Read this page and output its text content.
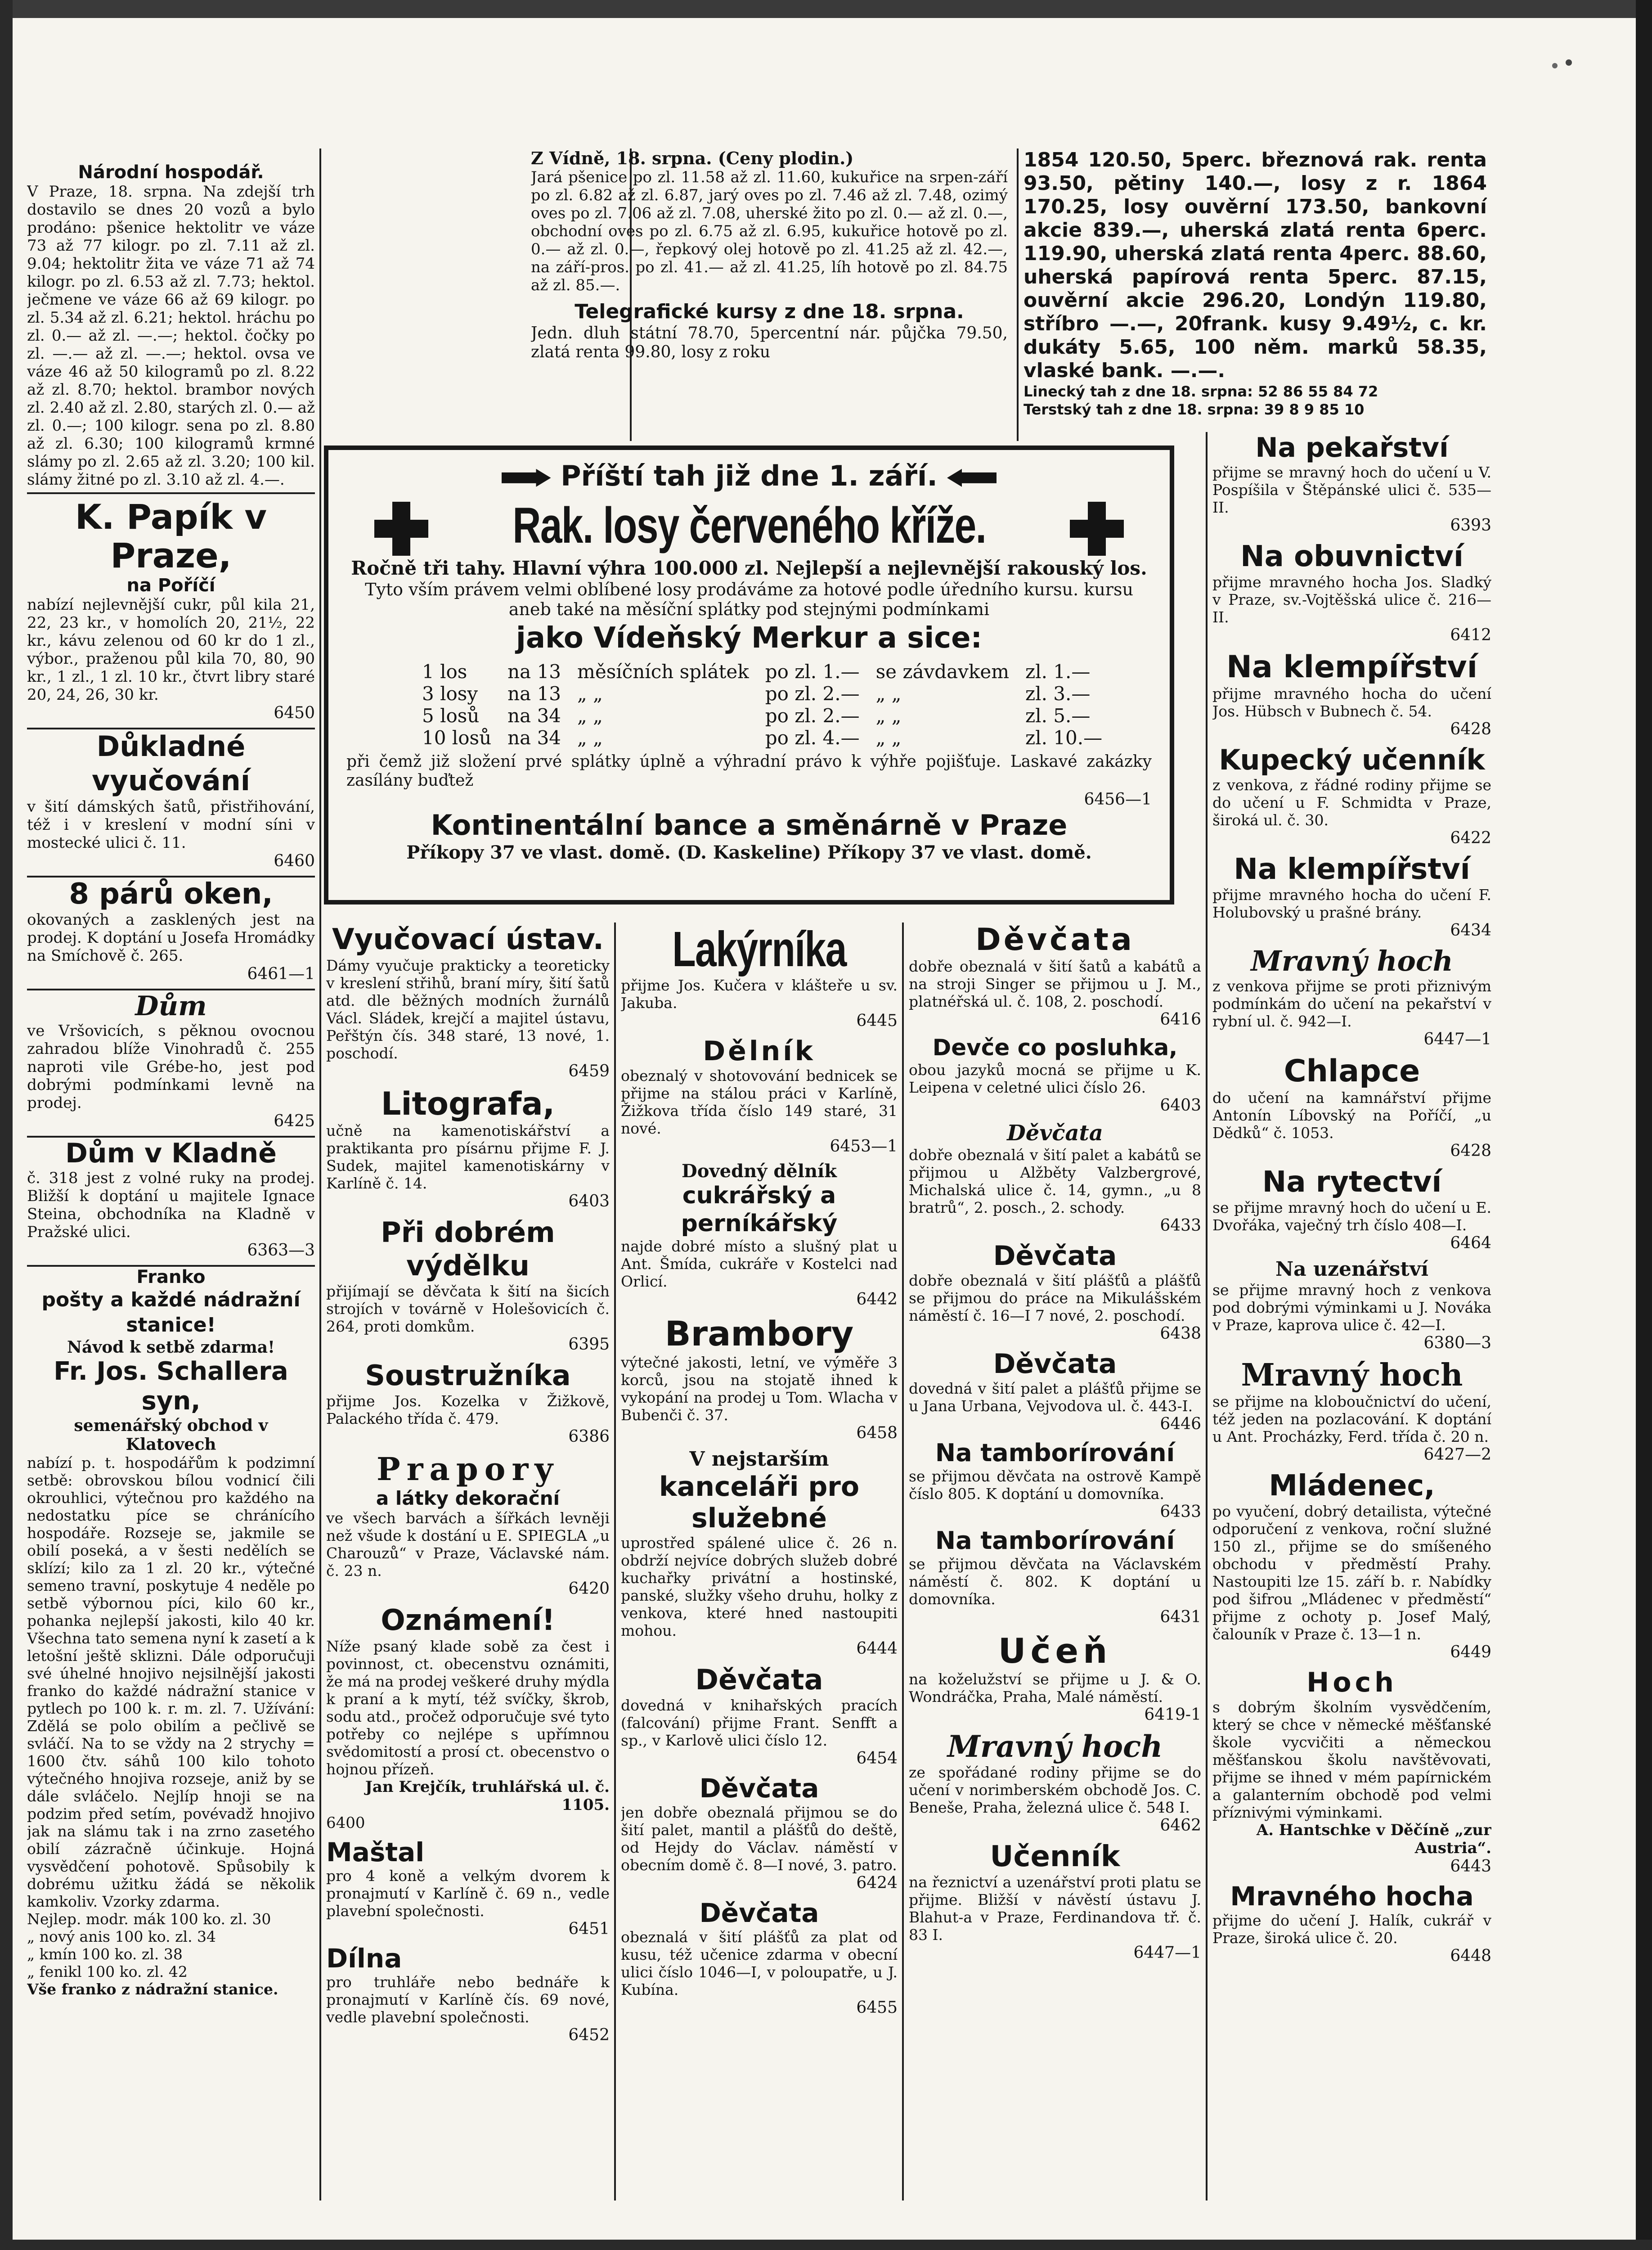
Národní hospodář.

V Praze, 18. srpna. Na zdejší trh dostavilo se dnes 20 vozů a bylo prodáno: pšenice hektolitr ve váze 73 až 77 kilogr. po zl. 7.11 až zl. 9.04; hektolitr žita ve váze 71 až 74 kilogr. po zl. 6.53 až zl. 7.73; hektol. ječmene ve váze 66 až 69 kilogr. po zl. 5.34 až zl. 6.21; hektol. hráchu po zl. 0.— až zl. —.—; hektol. čočky po zl. —.— až zl. —.—; hektol. ovsa ve váze 46 až 50 kilogramů po zl. 8.22 až zl. 8.70; hektol. brambor nových zl. 2.40 až zl. 2.80, starých zl. 0.— až zl. 0.—; 100 kilogr. sena po zl. 8.80 až zl. 6.30; 100 kilogramů krmné slámy po zl. 2.65 až zl. 3.20; 100 kil. slámy žitné po zl. 3.10 až zl. 4.—.

K. Papík v Praze,

na Poříčí

nabízí nejlevnější cukr, půl kila 21, 22, 23 kr., v homolích 20, 21½, 22 kr., kávu zelenou od 60 kr do 1 zl., výbor., praženou půl kila 70, 80, 90 kr., 1 zl., 1 zl. 10 kr., čtvrt libry staré 20, 24, 26, 30 kr.

6450

Důkladné vyučování

v šití dámských šatů, přistřihování, též i v kreslení v modní síni v mostecké ulici č. 11.

6460

8 párů oken,

okovaných a zasklených jest na prodej. K doptání u Josefa Hromádky na Smíchově č. 265.

6461—1

Dům

ve Vršovicích, s pěknou ovocnou zahradou blíže Vinohradů č. 255 naproti vile Grébe-ho, jest pod dobrými podmínkami levně na prodej.

6425

Dům v Kladně

č. 318 jest z volné ruky na prodej. Bližší k doptání u majitele Ignace Steina, obchodníka na Kladně v Pražské ulici.

6363—3

Franko

pošty a každé nádražní stanice!

Návod k setbě zdarma!

Fr. Jos. Schallera syn,

semenářský obchod v Klatovech

nabízí p. t. hospodářům k podzimní setbě: obrovskou bílou vodnicí čili okrouhlici, výtečnou pro každého na nedostatku píce se chránícího hospodáře. Rozseje se, jakmile se obilí poseká, a v šesti nedělích se sklízí; kilo za 1 zl. 20 kr., výtečné semeno travní, poskytuje 4 neděle po setbě výbornou píci, kilo 60 kr., pohanka nejlepší jakosti, kilo 40 kr. Všechna tato semena nyní k zasetí a k letošní ještě sklizni. Dále odporučuji své úhelné hnojivo nejsilnější jakosti franko do každé nádražní stanice v pytlech po 100 k. r. m. zl. 7. Užívání: Zdělá se polo obilím a pečlivě se svláčí. Na to se vždy na 2 strychy = 1600 čtv. sáhů 100 kilo tohoto výtečného hnojiva rozseje, aniž by se dále svláčelo. Nejlíp hnoji se na podzim před setím, povévadž hnojivo jak na slámu tak i na zrno zasetého obilí zázračně účinkuje. Hojná vysvědčení pohotově. Spůsobily k dobrému užitku žádá se několik kamkoliv. Vzorky zdarma.

Nejlep. modr. mák 100 ko. zl. 30

„ nový anis 100 ko. zl. 34

„ kmín 100 ko. zl. 38

„ fenikl 100 ko. zl. 42

Vše franko z nádražní stanice.

Z Vídně, 18. srpna. (Ceny plodin.)

Jará pšenice po zl. 11.58 až zl. 11.60, kukuřice na srpen-září po zl. 6.82 až zl. 6.87, jarý oves po zl. 7.46 až zl. 7.48, ozimý oves po zl. 7.06 až zl. 7.08, uherské žito po zl. 0.— až zl. 0.—, obchodní oves po zl. 6.75 až zl. 6.95, kukuřice hotově po zl. 0.— až zl. 0.—, řepkový olej hotově po zl. 41.25 až zl. 42.—, na září-pros. po zl. 41.— až zl. 41.25, líh hotově po zl. 84.75 až zl. 85.—.

Telegrafické kursy z dne 18. srpna.

Jedn. dluh státní 78.70, 5percentní nár. půjčka 79.50, zlatá renta 99.80, losy z roku

1854 120.50, 5perc. březnová rak. renta 93.50, pětiny 140.—, losy z r. 1864 170.25, losy ouvěrní 173.50, bankovní akcie 839.—, uherská zlatá renta 6perc. 119.90, uherská zlatá renta 4perc. 88.60, uherská papírová renta 5perc. 87.15, ouvěrní akcie 296.20, Londýn 119.80, stříbro —.—, 20frank. kusy 9.49½, c. kr. dukáty 5.65, 100 něm. marků 58.35, vlaské bank. —.—.

Linecký tah z dne 18. srpna: 52 86 55 84 72

Terstský tah z dne 18. srpna: 39 8 9 85 10

Příští tah již dne 1. září.

Rak. losy červeného kříže.

Ročně tři tahy. Hlavní výhra 100.000 zl. Nejlepší a nejlevnější rakouský los.

Tyto vším právem velmi oblíbené losy prodáváme za hotové podle úředního kursu. kursu aneb také na měsíční splátky pod stejnými podmínkami

jako Vídeňský Merkur a sice:

1 los	na 13	měsíčních splátek	po zl. 1.—	se závdavkem	zl. 1.—
3 losy	na 13	„ „	po zl. 2.—	„ „	zl. 3.—
5 losů	na 34	„ „	po zl. 2.—	„ „	zl. 5.—
10 losů	na 34	„ „	po zl. 4.—	„ „	zl. 10.—

při čemž již složení prvé splátky úplně a výhradní právo k výhře pojišťuje. Laskavé zakázky zasílány buďtež

6456—1

Kontinentální bance a směnárně v Praze

Příkopy 37 ve vlast. domě. (D. Kaskeline) Příkopy 37 ve vlast. domě.

Vyučovací ústav.

Dámy vyučuje prakticky a teoreticky v kreslení střihů, braní míry, šití šatů atd. dle běžných modních žurnálů Václ. Sládek, krejčí a majitel ústavu, Peřštýn čís. 348 staré, 13 nové, 1. poschodí.

6459

Litografa,

učně na kamenotiskářství a praktikanta pro písárnu přijme F. J. Sudek, majitel kamenotiskárny v Karlíně č. 14.

6403

Při dobrém výdělku

přijímají se děvčata k šití na šicích strojích v továrně v Holešovicích č. 264, proti domkům.

6395

Soustružníka

přijme Jos. Kozelka v Žižkově, Palackého třída č. 479.

6386

Prapory

a látky dekorační

ve všech barvách a šířkách levněji než všude k dostání u E. SPIEGLA „u Charouzů“ v Praze, Václavské nám. č. 23 n.

6420

Oznámení!

Níže psaný klade sobě za čest i povinnost, ct. obecenstvu oznámiti, že má na prodej veškeré druhy mýdla k praní a k mytí, též svíčky, škrob, sodu atd., pročež odporučuje své tyto potřeby co nejlépe s upřímnou svědomitostí a prosí ct. obecenstvo o hojnou přízeň.

Jan Krejčík, truhlářská ul. č. 1105.

6400

Maštal

pro 4 koně a velkým dvorem k pronajmutí v Karlíně č. 69 n., vedle plavební společnosti.

6451

Dílna

pro truhláře nebo bednáře k pronajmutí v Karlíně čís. 69 nové, vedle plavební společnosti.

6452

Lakýrníka

přijme Jos. Kučera v klášteře u sv. Jakuba.

6445

Dělník

obeznalý v shotovování bednicek se přijme na stálou práci v Karlíně, Žižkova třída číslo 149 staré, 31 nové.

6453—1

Dovedný dělník

cukrářský a perníkářský

najde dobré místo a slušný plat u Ant. Šmída, cukráře v Kostelci nad Orlicí.

6442

Brambory

výtečné jakosti, letní, ve výměře 3 korců, jsou na stojatě ihned k vykopání na prodej u Tom. Wlacha v Bubenči č. 37.

6458

V nejstarším

kanceláři pro služebné

uprostřed spálené ulice č. 26 n. obdrží nejvíce dobrých služeb dobré kuchařky privátní a hostinské, panské, služky všeho druhu, holky z venkova, které hned nastoupiti mohou.

6444

Děvčata

dovedná v knihařských pracích (falcování) přijme Frant. Senfft a sp., v Karlově ulici číslo 12.

6454

Děvčata

jen dobře obeznalá přijmou se do šití palet, mantil a plášťů do deště, od Hejdy do Václav. náměstí v obecním domě č. 8—I nové, 3. patro.

6424

Děvčata

obeznalá v šití plášťů za plat od kusu, též učenice zdarma v obecní ulici číslo 1046—I, v poloupatře, u J. Kubína.

6455

Děvčata

dobře obeznalá v šití šatů a kabátů a na stroji Singer se přijmou u J. M., platnéřská ul. č. 108, 2. poschodí.

6416

Devče co posluhka,

obou jazyků mocná se přijme u K. Leipena v celetné ulici číslo 26.

6403

Děvčata

dobře obeznalá v šití palet a kabátů se přijmou u Alžběty Valzbergrové, Michalská ulice č. 14, gymn., „u 8 bratrů“, 2. posch., 2. schody.

6433

Děvčata

dobře obeznalá v šití plášťů a plášťů se přijmou do práce na Mikulášském náměstí č. 16—I 7 nové, 2. poschodí.

6438

Děvčata

dovedná v šití palet a plášťů přijme se u Jana Urbana, Vejvodova ul. č. 443-I.

6446

Na tamborírování

se přijmou děvčata na ostrově Kampě číslo 805. K doptání u domovníka.

6433

Na tamborírování

se přijmou děvčata na Václavském náměstí č. 802. K doptání u domovníka.

6431

Učeň

na koželužství se přijme u J. & O. Wondráčka, Praha, Malé náměstí.

6419-1

Mravný hoch

ze spořádané rodiny přijme se do učení v norimberském obchodě Jos. C. Beneše, Praha, železná ulice č. 548 I.

6462

Učenník

na řeznictví a uzenářství proti platu se přijme. Bližší v návěstí ústavu J. Blahut-a v Praze, Ferdinandova tř. č. 83 I.

6447—1

Na pekařství

přijme se mravný hoch do učení u V. Pospíšila v Štěpánské ulici č. 535—II.

6393

Na obuvnictví

přijme mravného hocha Jos. Sladký v Praze, sv.-Vojtěšská ulice č. 216—II.

6412

Na klempířství

přijme mravného hocha do učení Jos. Hübsch v Bubnech č. 54.

6428

Kupecký učenník

z venkova, z řádné rodiny přijme se do učení u F. Schmidta v Praze, široká ul. č. 30.

6422

Na klempířství

přijme mravného hocha do učení F. Holubovský u prašné brány.

6434

Mravný hoch

z venkova přijme se proti přiznivým podmínkám do učení na pekařství v rybní ul. č. 942—I.

6447—1

Chlapce

do učení na kamnářství přijme Antonín Líbovský na Poříčí, „u Dědků“ č. 1053.

6428

Na rytectví

se přijme mravný hoch do učení u E. Dvořáka, vaječný trh číslo 408—I.

6464

Na uzenářství

se přijme mravný hoch z venkova pod dobrými výminkami u J. Nováka v Praze, kaprova ulice č. 42—I.

6380—3

Mravný hoch

se přijme na kloboučnictví do učení, též jeden na pozlacování. K doptání u Ant. Procházky, Ferd. třída č. 20 n.

6427—2

Mládenec,

po vyučení, dobrý detailista, výtečné odporučení z venkova, roční služné 150 zl., přijme se do smíšeného obchodu v předměstí Prahy. Nastoupiti lze 15. září b. r. Nabídky pod šifrou „Mládenec v předměstí“ přijme z ochoty p. Josef Malý, čalouník v Praze č. 13—1 n.

6449

Hoch

s dobrým školním vysvědčením, který se chce v německé měšťanské škole vycvičiti a německou měšťanskou školu navštěvovati, přijme se ihned v mém papírnickém a galanterním obchodě pod velmi příznivými výminkami.

A. Hantschke v Děčíně „zur Austria“.

6443

Mravného hocha

přijme do učení J. Halík, cukrář v Praze, široká ulice č. 20.

6448
